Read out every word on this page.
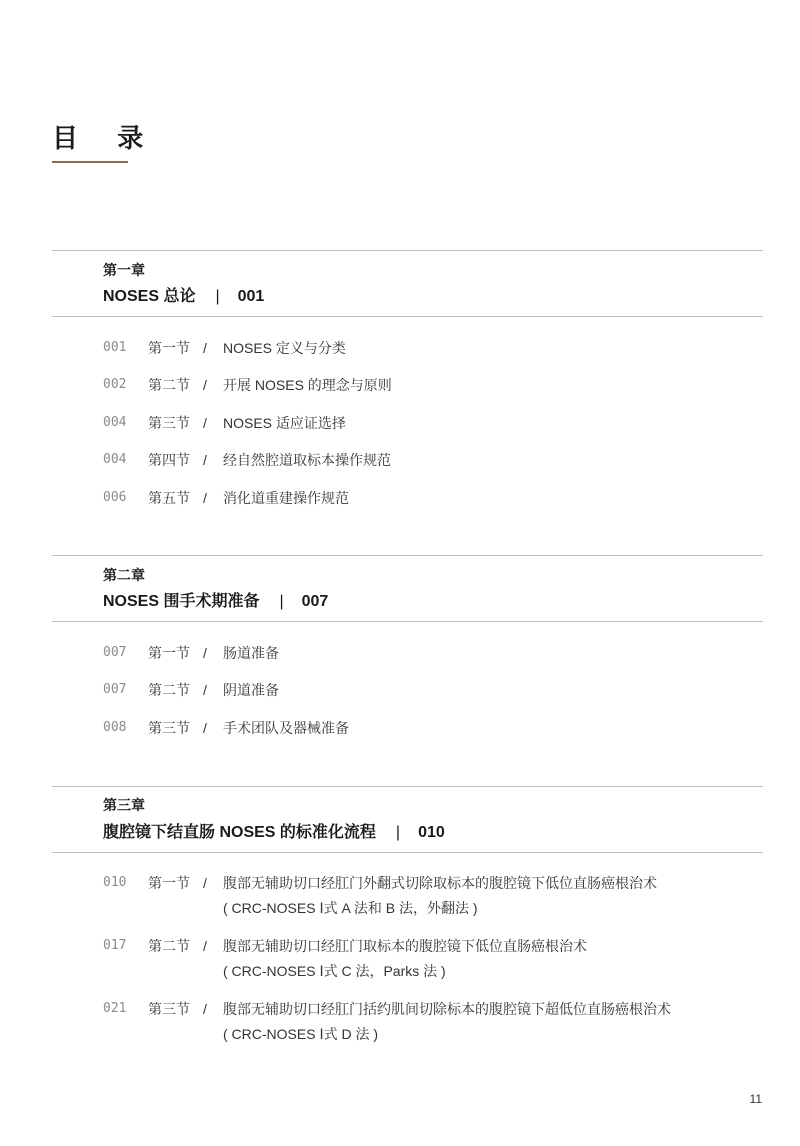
目 录
第一章
NOSES 总论 | 001
001 第一节 / NOSES 定义与分类
002 第二节 / 开展 NOSES 的理念与原则
004 第三节 / NOSES 适应证选择
004 第四节 / 经自然腔道取标本操作规范
006 第五节 / 消化道重建操作规范
第二章
NOSES 围手术期准备 | 007
007 第一节 / 肠道准备
007 第二节 / 阴道准备
008 第三节 / 手术团队及器械准备
第三章
腹腔镜下结直肠 NOSES 的标准化流程 | 010
010 第一节 / 腹部无辅助切口经肛门外翻式切除取标本的腹腔镜下低位直肠癌根治术
( CRC-NOSES Ⅰ式 A 法和 B 法，外翻法 )
017 第二节 / 腹部无辅助切口经肛门取标本的腹腔镜下低位直肠癌根治术
( CRC-NOSES Ⅰ式 C 法，Parks 法 )
021 第三节 / 腹部无辅助切口经肛门括约肌间切除标本的腹腔镜下超低位直肠癌根治术
( CRC-NOSES Ⅰ式 D 法 )
11
